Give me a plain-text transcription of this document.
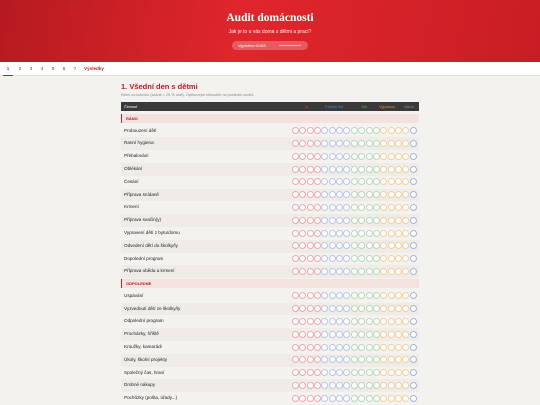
Audit domácnosti
Jak je to u vás doma s dětmi a prací?
Vyplněno 0/163
1	2	3	4	5	6	7	Výsledky
1. Všední den s dětmi
Klikni na kolečko (každé = 25 % úsilí). Opětovným kliknutím na poslední zrušíš.
Činnost	Já	Partner/ka	Jiní	Výpomoc Nikdo
RÁNO
Probouzení dětí
Ranní hygiena
Přebalování
Oblékání
Česání
Příprava snídaně
Krmení
Příprava svačin(y)
Vypravení dětí z bytu/domu
Odvedení dětí do školky/ly
Dopolední program
Příprava oběda a krmení
ODPOLEDNE
Uspávání
Vyzvednutí dětí ze školky/ly
Odpolední program
Procházky, hřiště
Kroužky, kamarádi
Úkoly, školní projekty
Společný čas, hraní
Drobné nákupy
Pochůzky (pošta, úřady...)
